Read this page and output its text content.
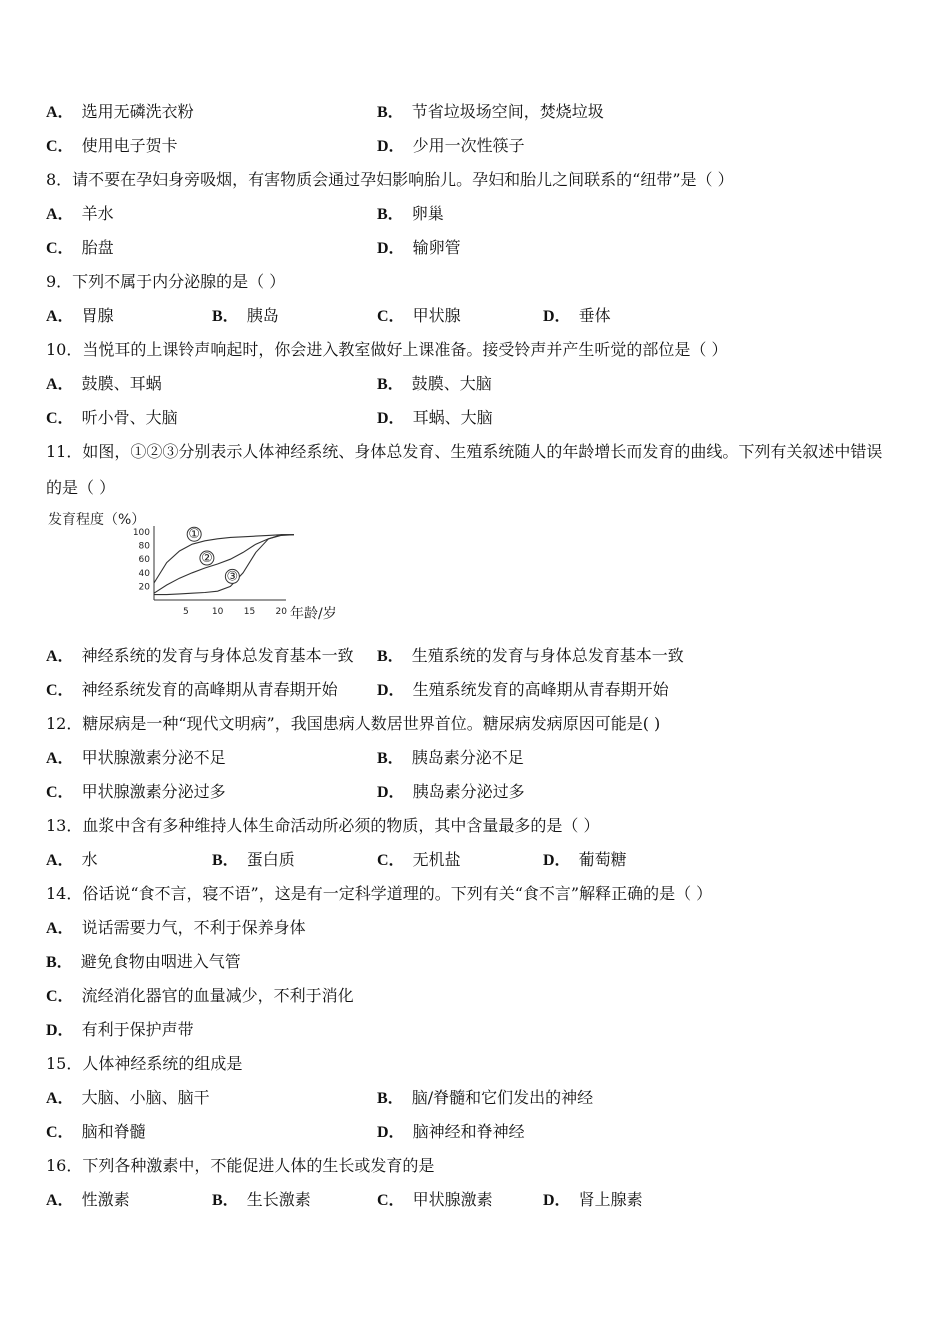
A． 选用无磷洗衣粉	B． 节省垃圾场空间，焚烧垃圾
C． 使用电子贺卡	D． 少用一次性筷子
8．请不要在孕妇身旁吸烟，有害物质会通过孕妇影响胎儿。孕妇和胎儿之间联系的“纽带”是（ ）
A． 羊水	B． 卵巢
C． 胎盘	D． 输卵管
9．下列不属于内分泌腺的是（ ）
A． 胃腺	B． 胰岛	C． 甲状腺	D． 垂体
10．当悦耳的上课铃声响起时，你会进入教室做好上课准备。接受铃声并产生听觉的部位是（ ）
A． 鼓膜、耳蜗	B． 鼓膜、大脑
C． 听小骨、大脑	D． 耳蜗、大脑
11．如图，①②③分别表示人体神经系统、身体总发育、生殖系统随人的年龄增长而发育的曲线。下列有关叙述中错误
的是（ ）
发育程度（%）
20
40
60
80
100
5	10 15 20
①
②
③
年龄/岁
A． 神经系统的发育与身体总发育基本一致 B． 生殖系统的发育与身体总发育基本一致
C． 神经系统发育的高峰期从青春期开始 D． 生殖系统发育的高峰期从青春期开始
12．糖尿病是一种“现代文明病”，我国患病人数居世界首位。糖尿病发病原因可能是( )
A． 甲状腺激素分泌不足	B． 胰岛素分泌不足
C． 甲状腺激素分泌过多	D． 胰岛素分泌过多
13．血浆中含有多种维持人体生命活动所必须的物质，其中含量最多的是（ ）
A． 水	B． 蛋白质	C． 无机盐	D． 葡萄糖
14．俗话说“食不言，寝不语”，这是有一定科学道理的。下列有关“食不言”解释正确的是（ ）
A． 说话需要力气，不利于保养身体
B． 避免食物由咽进入气管
C． 流经消化器官的血量减少，不利于消化
D． 有利于保护声带
15．人体神经系统的组成是
A． 大脑、小脑、脑干	B． 脑/脊髓和它们发出的神经
C． 脑和脊髓	D． 脑神经和脊神经
16．下列各种激素中，不能促进人体的生长或发育的是
A． 性激素	B． 生长激素	C． 甲状腺激素	D． 肾上腺素
